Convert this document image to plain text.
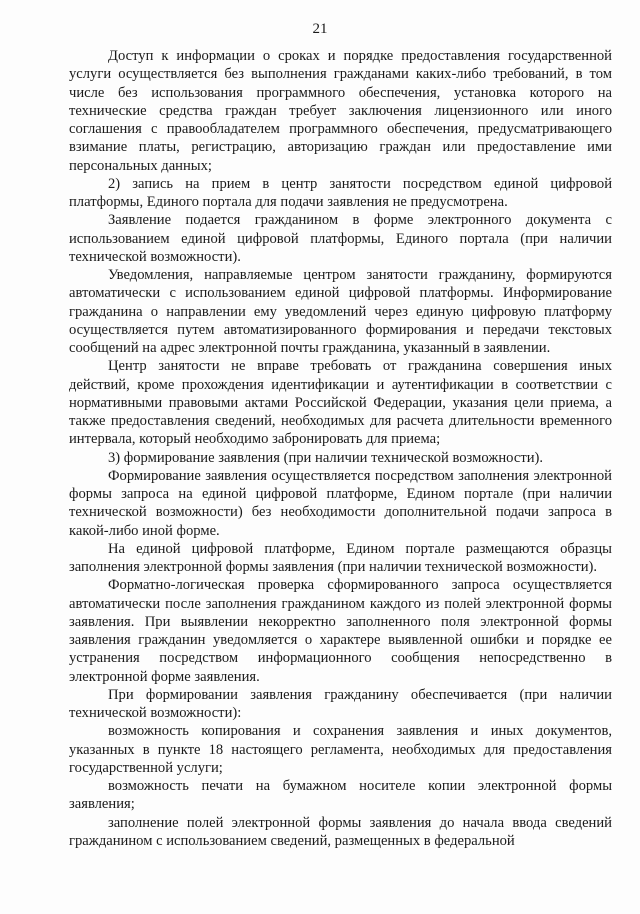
21

Доступ к информации о сроках и порядке предоставления государственной услуги осуществляется без выполнения гражданами каких-либо требований, в том числе без использования программного обеспечения, установка которого на технические средства граждан требует заключения лицензионного или иного соглашения с правообладателем программного обеспечения, предусматривающего взимание платы, регистрацию, авторизацию граждан или предоставление ими персональных данных;

2) запись на прием в центр занятости посредством единой цифровой платформы, Единого портала для подачи заявления не предусмотрена.

Заявление подается гражданином в форме электронного документа с использованием единой цифровой платформы, Единого портала (при наличии технической возможности).

Уведомления, направляемые центром занятости гражданину, формируются автоматически с использованием единой цифровой платформы. Информирование гражданина о направлении ему уведомлений через единую цифровую платформу осуществляется путем автоматизированного формирования и передачи текстовых сообщений на адрес электронной почты гражданина, указанный в заявлении.

Центр занятости не вправе требовать от гражданина совершения иных действий, кроме прохождения идентификации и аутентификации в соответствии с нормативными правовыми актами Российской Федерации, указания цели приема, а также предоставления сведений, необходимых для расчета длительности временного интервала, который необходимо забронировать для приема;

3) формирование заявления (при наличии технической возможности).

Формирование заявления осуществляется посредством заполнения электронной формы запроса на единой цифровой платформе, Едином портале (при наличии технической возможности) без необходимости дополнительной подачи запроса в какой-либо иной форме.

На единой цифровой платформе, Едином портале размещаются образцы заполнения электронной формы заявления (при наличии технической возможности).

Форматно-логическая проверка сформированного запроса осуществляется автоматически после заполнения гражданином каждого из полей электронной формы заявления. При выявлении некорректно заполненного поля электронной формы заявления гражданин уведомляется о характере выявленной ошибки и порядке ее устранения посредством информационного сообщения непосредственно в электронной форме заявления.

При формировании заявления гражданину обеспечивается (при наличии технической возможности):

возможность копирования и сохранения заявления и иных документов, указанных в пункте 18 настоящего регламента, необходимых для предоставления государственной услуги;

возможность печати на бумажном носителе копии электронной формы заявления;

заполнение полей электронной формы заявления до начала ввода сведений гражданином с использованием сведений, размещенных в федеральной
